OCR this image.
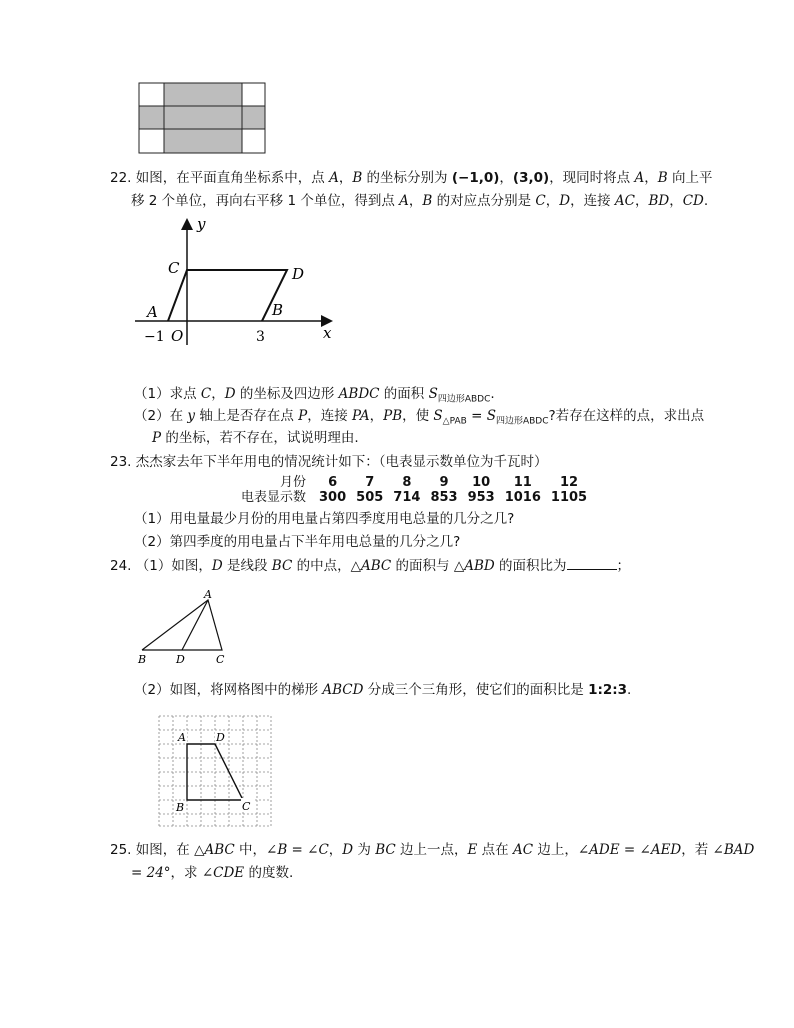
22. 如图，在平面直角坐标系中，点 A，B 的坐标分别为 (−1,0)，(3,0)，现同时将点 A，B 向上平
移 2 个单位，再向右平移 1 个单位，得到点 A，B 的对应点分别是 C，D，连接 AC，BD，CD.
y
x
C	D
A	B
O
−1	3
（1）求点 C，D 的坐标及四边形 ABDC 的面积 $S_{四边形ABDC}$.
（2）在 y 轴上是否存在点 P，连接 PA，PB，使 $S_{\triangle PAB} = S_{四边形ABDC}$?若存在这样的点，求出点
P 的坐标，若不存在，试说明理由.
23. 杰杰家去年下半年用电的情况统计如下：（电表显示数单位为千瓦时）
月份	6	7	8	9	10	11	12
电表显示数	300	505	714	853	953	1016	1105
（1）用电量最少月份的用电量占第四季度用电总量的几分之几?
（2）第四季度的用电量占下半年用电总量的几分之几?
24. （1）如图，D 是线段 BC 的中点，△ABC 的面积与 △ABD 的面积比为	；
A
B	D	C
（2）如图，将网格图中的梯形 ABCD 分成三个三角形，使它们的面积比是 1:2:3.
A	D
B	C
25. 如图，在 △ABC 中，∠B = ∠C，D 为 BC 边上一点，E 点在 AC 边上，∠ADE = ∠AED，若 ∠BAD
= 24°，求 ∠CDE 的度数.
